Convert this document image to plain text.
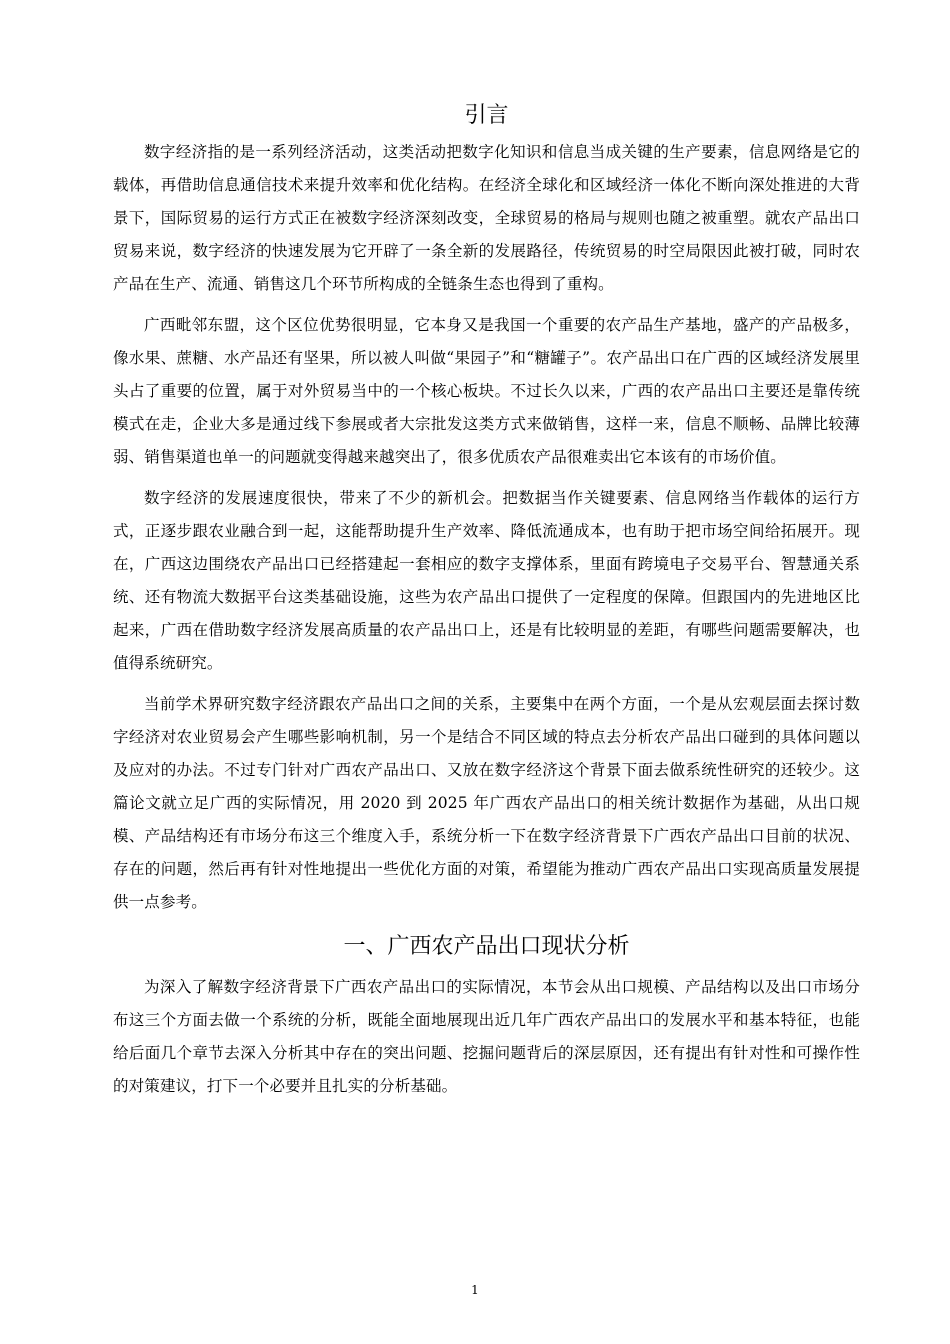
引言

数字经济指的是一系列经济活动，这类活动把数字化知识和信息当成关键的生产要素，信息网络是它的载体，再借助信息通信技术来提升效率和优化结构。在经济全球化和区域经济一体化不断向深处推进的大背景下，国际贸易的运行方式正在被数字经济深刻改变，全球贸易的格局与规则也随之被重塑。就农产品出口贸易来说，数字经济的快速发展为它开辟了一条全新的发展路径，传统贸易的时空局限因此被打破，同时农产品在生产、流通、销售这几个环节所构成的全链条生态也得到了重构。

广西毗邻东盟，这个区位优势很明显，它本身又是我国一个重要的农产品生产基地，盛产的产品极多，像水果、蔗糖、水产品还有坚果，所以被人叫做“果园子”和“糖罐子”。农产品出口在广西的区域经济发展里头占了重要的位置，属于对外贸易当中的一个核心板块。不过长久以来，广西的农产品出口主要还是靠传统模式在走，企业大多是通过线下参展或者大宗批发这类方式来做销售，这样一来，信息不顺畅、品牌比较薄弱、销售渠道也单一的问题就变得越来越突出了，很多优质农产品很难卖出它本该有的市场价值。

数字经济的发展速度很快，带来了不少的新机会。把数据当作关键要素、信息网络当作载体的运行方式，正逐步跟农业融合到一起，这能帮助提升生产效率、降低流通成本，也有助于把市场空间给拓展开。现在，广西这边围绕农产品出口已经搭建起一套相应的数字支撑体系，里面有跨境电子交易平台、智慧通关系统、还有物流大数据平台这类基础设施，这些为农产品出口提供了一定程度的保障。但跟国内的先进地区比起来，广西在借助数字经济发展高质量的农产品出口上，还是有比较明显的差距，有哪些问题需要解决，也值得系统研究。

当前学术界研究数字经济跟农产品出口之间的关系，主要集中在两个方面，一个是从宏观层面去探讨数字经济对农业贸易会产生哪些影响机制，另一个是结合不同区域的特点去分析农产品出口碰到的具体问题以及应对的办法。不过专门针对广西农产品出口、又放在数字经济这个背景下面去做系统性研究的还较少。这篇论文就立足广西的实际情况，用 2020 到 2025 年广西农产品出口的相关统计数据作为基础，从出口规模、产品结构还有市场分布这三个维度入手，系统分析一下在数字经济背景下广西农产品出口目前的状况、存在的问题，然后再有针对性地提出一些优化方面的对策，希望能为推动广西农产品出口实现高质量发展提供一点参考。

一、广西农产品出口现状分析

为深入了解数字经济背景下广西农产品出口的实际情况，本节会从出口规模、产品结构以及出口市场分布这三个方面去做一个系统的分析，既能全面地展现出近几年广西农产品出口的发展水平和基本特征，也能给后面几个章节去深入分析其中存在的突出问题、挖掘问题背后的深层原因，还有提出有针对性和可操作性的对策建议，打下一个必要并且扎实的分析基础。

1
